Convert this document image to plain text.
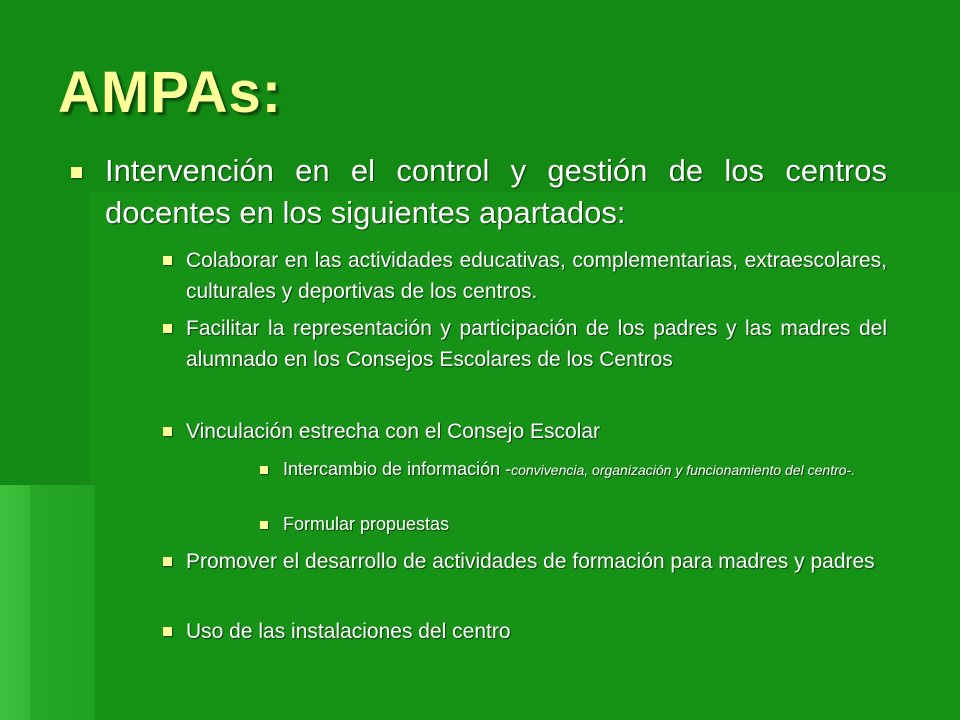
AMPAs:
Intervención en el control y gestión de los centros docentes en los siguientes apartados:
Colaborar en las actividades educativas, complementarias, extraescolares, culturales y deportivas de los centros.
Facilitar la representación y participación de los padres y las madres del alumnado en los Consejos Escolares de los Centros
Vinculación estrecha con el Consejo Escolar
Intercambio de información -convivencia, organización y funcionamiento del centro-.
Formular propuestas
Promover el desarrollo de actividades de formación para madres y padres
Uso de las instalaciones del centro
